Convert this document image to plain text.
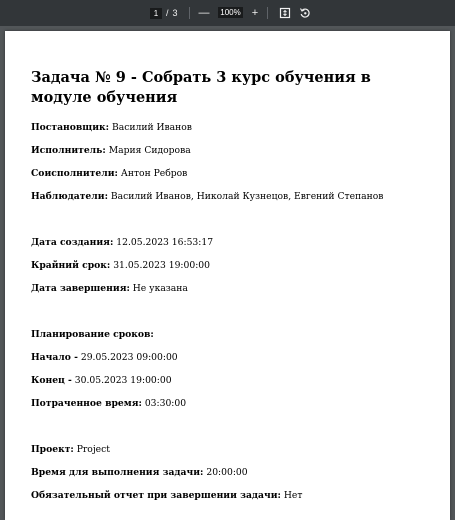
1 / 3 — 100% +
Задача № 9 - Собрать 3 курс обучения в модуле обучения
Постановщик: Василий Иванов
Исполнитель: Мария Сидорова
Соисполнители: Антон Ребров
Наблюдатели: Василий Иванов, Николай Кузнецов, Евгений Степанов
Дата создания: 12.05.2023 16:53:17
Крайний срок: 31.05.2023 19:00:00
Дата завершения: Не указана
Планирование сроков:
Начало - 29.05.2023 09:00:00
Конец - 30.05.2023 19:00:00
Потраченное время: 03:30:00
Проект: Project
Время для выполнения задачи: 20:00:00
Обязательный отчет при завершении задачи: Нет
